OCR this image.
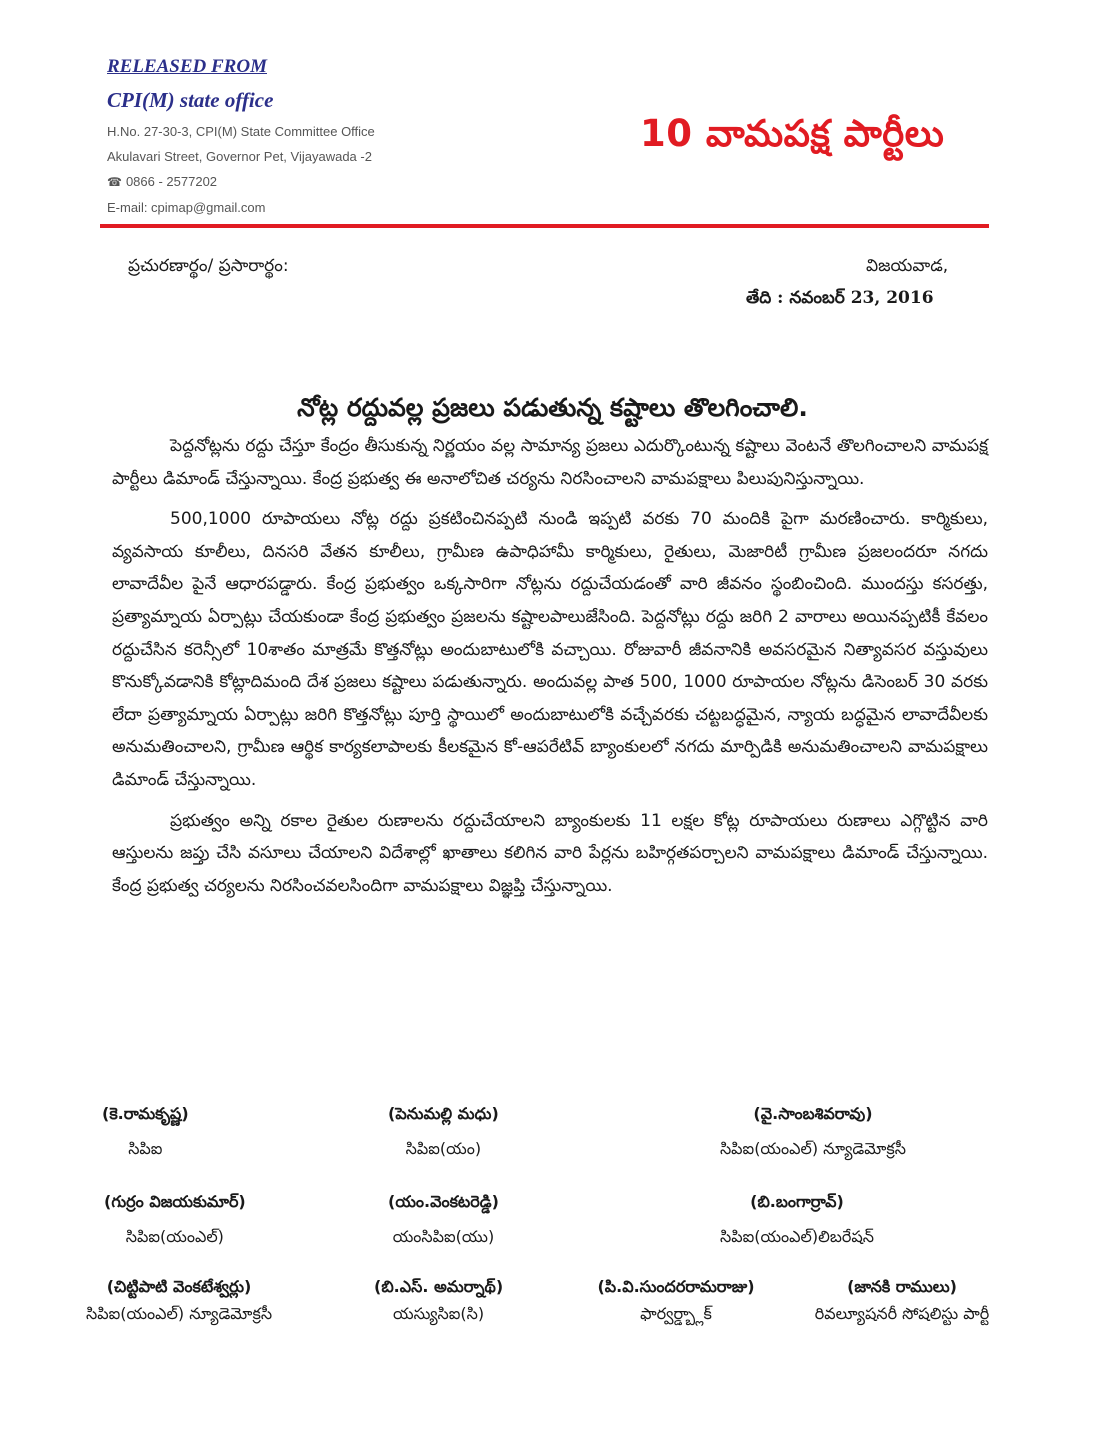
RELEASED FROM
CPI(M) state office
H.No. 27-30-3, CPI(M) State Committee Office
Akulavari Street, Governor Pet, Vijayawada -2
☎ 0866 - 2577202
E-mail: cpimap@gmail.com
10 వామపక్ష పార్టీలు
ప్రచురణార్థం/ ప్రసారార్థం:	విజయవాడ,
తేది : నవంబర్ 23, 2016
నోట్ల రద్దువల్ల ప్రజలు పడుతున్న కష్టాలు తొలగించాలి.

పెద్దనోట్లను రద్దు చేస్తూ కేంద్రం తీసుకున్న నిర్ణయం వల్ల సామాన్య ప్రజలు ఎదుర్కొంటున్న కష్టాలు వెంటనే తొలగించాలని వామపక్ష పార్టీలు డిమాండ్ చేస్తున్నాయి. కేంద్ర ప్రభుత్వ ఈ అనాలోచిత చర్యను నిరసించాలని వామపక్షాలు పిలుపునిస్తున్నాయి.

500,1000 రూపాయలు నోట్ల రద్దు ప్రకటించినప్పటి నుండి ఇప్పటి వరకు 70 మందికి పైగా మరణించారు. కార్మికులు, వ్యవసాయ కూలీలు, దినసరి వేతన కూలీలు, గ్రామీణ ఉపాధిహామీ కార్మికులు, రైతులు, మెజారిటీ గ్రామీణ ప్రజలందరూ నగదు లావాదేవీల పైనే ఆధారపడ్డారు. కేంద్ర ప్రభుత్వం ఒక్కసారిగా నోట్లను రద్దుచేయడంతో వారి జీవనం స్థంబించింది. ముందస్తు కసరత్తు, ప్రత్యామ్నాయ ఏర్పాట్లు చేయకుండా కేంద్ర ప్రభుత్వం ప్రజలను కష్టాలపాలుజేసింది. పెద్దనోట్లు రద్దు జరిగి 2 వారాలు అయినప్పటికీ కేవలం రద్దుచేసిన కరెన్సీలో 10శాతం మాత్రమే కొత్తనోట్లు అందుబాటులోకి వచ్చాయి. రోజువారీ జీవనానికి అవసరమైన నిత్యావసర వస్తువులు కొనుక్కోవడానికి కోట్లాదిమంది దేశ ప్రజలు కష్టాలు పడుతున్నారు. అందువల్ల పాత 500, 1000 రూపాయల నోట్లను డిసెంబర్ 30 వరకు లేదా ప్రత్యామ్నాయ ఏర్పాట్లు జరిగి కొత్తనోట్లు పూర్తి స్థాయిలో అందుబాటులోకి వచ్చేవరకు చట్టబద్ధమైన, న్యాయ బద్ధమైన లావాదేవీలకు అనుమతించాలని, గ్రామీణ ఆర్థిక కార్యకలాపాలకు కీలకమైన కో-ఆపరేటివ్ బ్యాంకులలో నగదు మార్పిడికి అనుమతించాలని వామపక్షాలు డిమాండ్ చేస్తున్నాయి.

ప్రభుత్వం అన్ని రకాల రైతుల రుణాలను రద్దుచేయాలని బ్యాంకులకు 11 లక్షల కోట్ల రూపాయలు రుణాలు ఎగ్గొట్టిన వారి ఆస్తులను జప్తు చేసి వసూలు చేయాలని విదేశాల్లో ఖాతాలు కలిగిన వారి పేర్లను బహిర్గతపర్చాలని వామపక్షాలు డిమాండ్ చేస్తున్నాయి. కేంద్ర ప్రభుత్వ చర్యలను నిరసించవలసిందిగా వామపక్షాలు విజ్ఞప్తి చేస్తున్నాయి.

(కె.రామకృష్ణ)
సిపిఐ
(పెనుమల్లి మధు)
సిపిఐ(యం)
(వై.సాంబశివరావు)
సిపిఐ(యంఎల్) న్యూడెమోక్రసీ
(గుర్రం విజయకుమార్)
సిపిఐ(యంఎల్)
(యం.వెంకటరెడ్డి)
యంసిపిఐ(యు)
(బి.బంగార్రావ్)
సిపిఐ(యంఎల్)లిబరేషన్
(చిట్టిపాటి వెంకటేశ్వర్లు)
సిపిఐ(యంఎల్) న్యూడెమోక్రసీ
(బి.ఎస్. అమర్నాథ్)
యస్యుసిఐ(సి)
(పి.వి.సుందరరామరాజు)
ఫార్వర్డ్బ్లాక్
(జానకి రాములు)
రివల్యూషనరీ సోషలిస్టు పార్టీ
